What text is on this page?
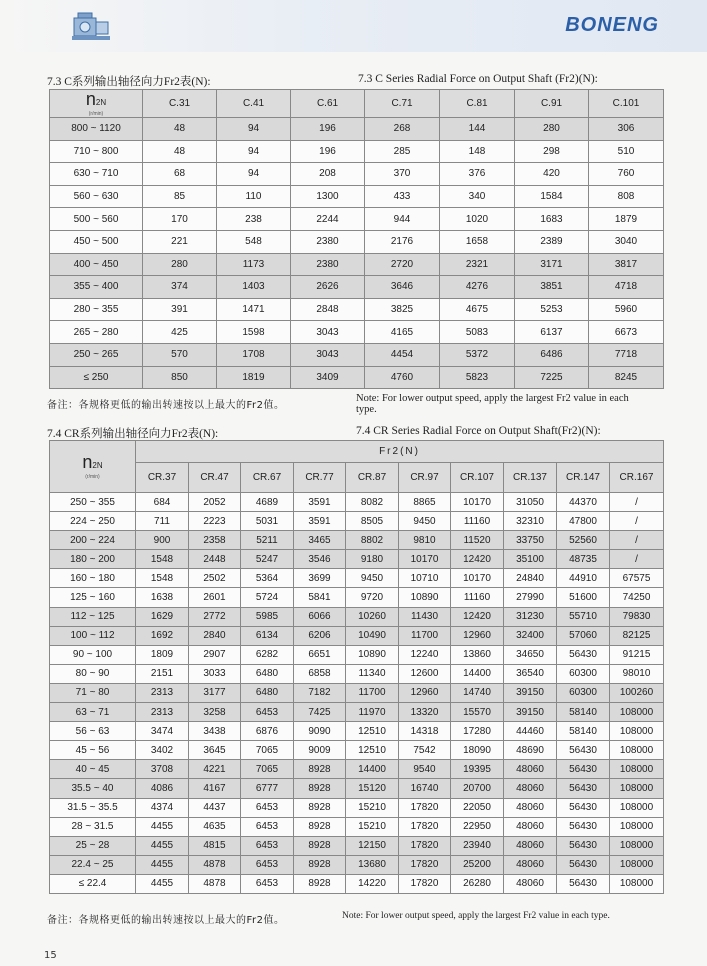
BONENG
7.3 C系列输出轴径向力Fr2表(N):	7.3 C Series Radial Force on Output Shaft (Fr2)(N):
n2N
(r/min)	C.31	C.41	C.61	C.71	C.81	C.91	C.101
800 ~ 1120	48	94	196	268	144	280	306
710 ~ 800	48	94	196	285	148	298	510
630 ~ 710	68	94	208	370	376	420	760
560 ~ 630	85	110	1300	433	340	1584	808
500 ~ 560	170	238	2244	944	1020	1683	1879
450 ~ 500	221	548	2380	2176	1658	2389	3040
400 ~ 450	280	1173	2380	2720	2321	3171	3817
355 ~ 400	374	1403	2626	3646	4276	3851	4718
280 ~ 355	391	1471	2848	3825	4675	5253	5960
265 ~ 280	425	1598	3043	4165	5083	6137	6673
250 ~ 265	570	1708	3043	4454	5372	6486	7718
≤ 250	850	1819	3409	4760	5823	7225	8245
备注：各规格更低的输出转速按以上最大的Fr2值。
Note: For lower output speed, apply the largest Fr2 value in each type.
7.4 CR系列输出轴径向力Fr2表(N):	7.4 CR Series Radial Force on Output Shaft(Fr2)(N):
n2N
(r/min)	Fr2(N)									
	CR.37	CR.47	CR.67	CR.77	CR.87	CR.97	CR.107	CR.137	CR.147	CR.167
250 ~ 355	684	2052	4689	3591	8082	8865	10170	31050	44370	/
224 ~ 250	711	2223	5031	3591	8505	9450	11160	32310	47800	/
200 ~ 224	900	2358	5211	3465	8802	9810	11520	33750	52560	/
180 ~ 200	1548	2448	5247	3546	9180	10170	12420	35100	48735	/
160 ~ 180	1548	2502	5364	3699	9450	10710	10170	24840	44910	67575
125 ~ 160	1638	2601	5724	5841	9720	10890	11160	27990	51600	74250
112 ~ 125	1629	2772	5985	6066	10260	11430	12420	31230	55710	79830
100 ~ 112	1692	2840	6134	6206	10490	11700	12960	32400	57060	82125
90 ~ 100	1809	2907	6282	6651	10890	12240	13860	34650	56430	91215
80 ~ 90	2151	3033	6480	6858	11340	12600	14400	36540	60300	98010
71 ~ 80	2313	3177	6480	7182	11700	12960	14740	39150	60300	100260
63 ~ 71	2313	3258	6453	7425	11970	13320	15570	39150	58140	108000
56 ~ 63	3474	3438	6876	9090	12510	14318	17280	44460	58140	108000
45 ~ 56	3402	3645	7065	9009	12510	7542	18090	48690	56430	108000
40 ~ 45	3708	4221	7065	8928	14400	9540	19395	48060	56430	108000
35.5 ~ 40	4086	4167	6777	8928	15120	16740	20700	48060	56430	108000
31.5 ~ 35.5	4374	4437	6453	8928	15210	17820	22050	48060	56430	108000
28 ~ 31.5	4455	4635	6453	8928	15210	17820	22950	48060	56430	108000
25 ~ 28	4455	4815	6453	8928	12150	17820	23940	48060	56430	108000
22.4 ~ 25	4455	4878	6453	8928	13680	17820	25200	48060	56430	108000
≤ 22.4	4455	4878	6453	8928	14220	17820	26280	48060	56430	108000
备注：各规格更低的输出转速按以上最大的Fr2值。	Note: For lower output speed, apply the largest Fr2 value in each type.
15
